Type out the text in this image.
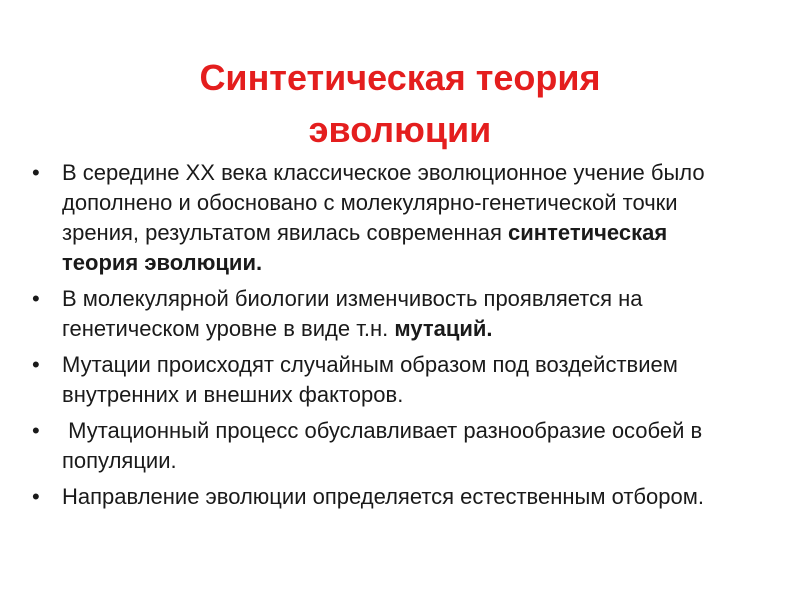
Синтетическая теория
эволюции
•	В середине XX века классическое эволюционное учение было дополнено и обосновано с молекулярно-генетической точки зрения, результатом явилась современная синтетическая теория эволюции.
•	В молекулярной биологии изменчивость проявляется на генетическом уровне в виде т.н. мутаций.
•	Мутации происходят случайным образом под воздействием внутренних и внешних факторов.
•	Мутационный процесс обуславливает разнообразие особей в популяции.
•	Направление эволюции определяется естественным отбором.
